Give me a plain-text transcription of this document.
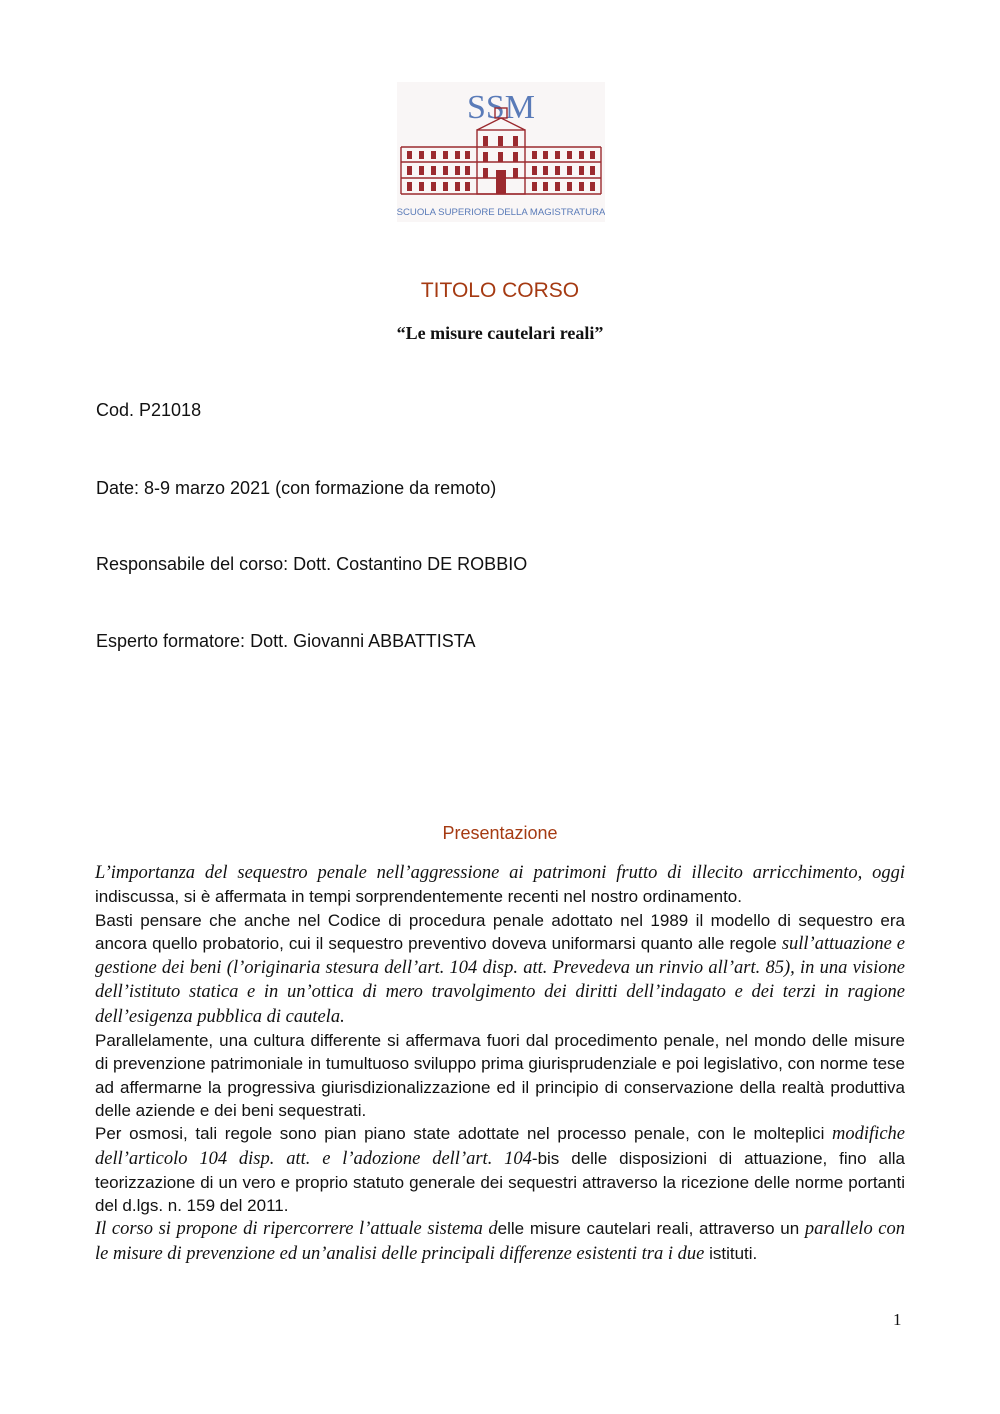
SSM
SCUOLA SUPERIORE DELLA MAGISTRATURA
TITOLO CORSO
“Le misure cautelari reali”
Cod. P21018
Date: 8-9 marzo 2021 (con formazione da remoto)
Responsabile del corso: Dott. Costantino DE ROBBIO
Esperto formatore: Dott. Giovanni ABBATTISTA
Presentazione

L’importanza del sequestro penale nell’aggressione ai patrimoni frutto di illecito arricchimento, oggi indiscussa, si è affermata in tempi sorprendentemente recenti nel nostro ordinamento.

Basti pensare che anche nel Codice di procedura penale adottato nel 1989 il modello di sequestro era ancora quello probatorio, cui il sequestro preventivo doveva uniformarsi quanto alle regole sull’attuazione e gestione dei beni (l’originaria stesura dell’art. 104 disp. att. Prevedeva un rinvio all’art. 85), in una visione dell’istituto statica e in un’ottica di mero travolgimento dei diritti dell’indagato e dei terzi in ragione dell’esigenza pubblica di cautela.

Parallelamente, una cultura differente si affermava fuori dal procedimento penale, nel mondo delle misure di prevenzione patrimoniale in tumultuoso sviluppo prima giurisprudenziale e poi legislativo, con norme tese ad affermarne la progressiva giurisdizionalizzazione ed il principio di conservazione della realtà produttiva delle aziende e dei beni sequestrati.

Per osmosi, tali regole sono pian piano state adottate nel processo penale, con le molteplici modifiche dell’articolo 104 disp. att. e l’adozione dell’art. 104-bis delle disposizioni di attuazione, fino alla teorizzazione di un vero e proprio statuto generale dei sequestri attraverso la ricezione delle norme portanti del d.lgs. n. 159 del 2011.

Il corso si propone di ripercorrere l’attuale sistema delle misure cautelari reali, attraverso un parallelo con le misure di prevenzione ed un’analisi delle principali differenze esistenti tra i due istituti.

1
